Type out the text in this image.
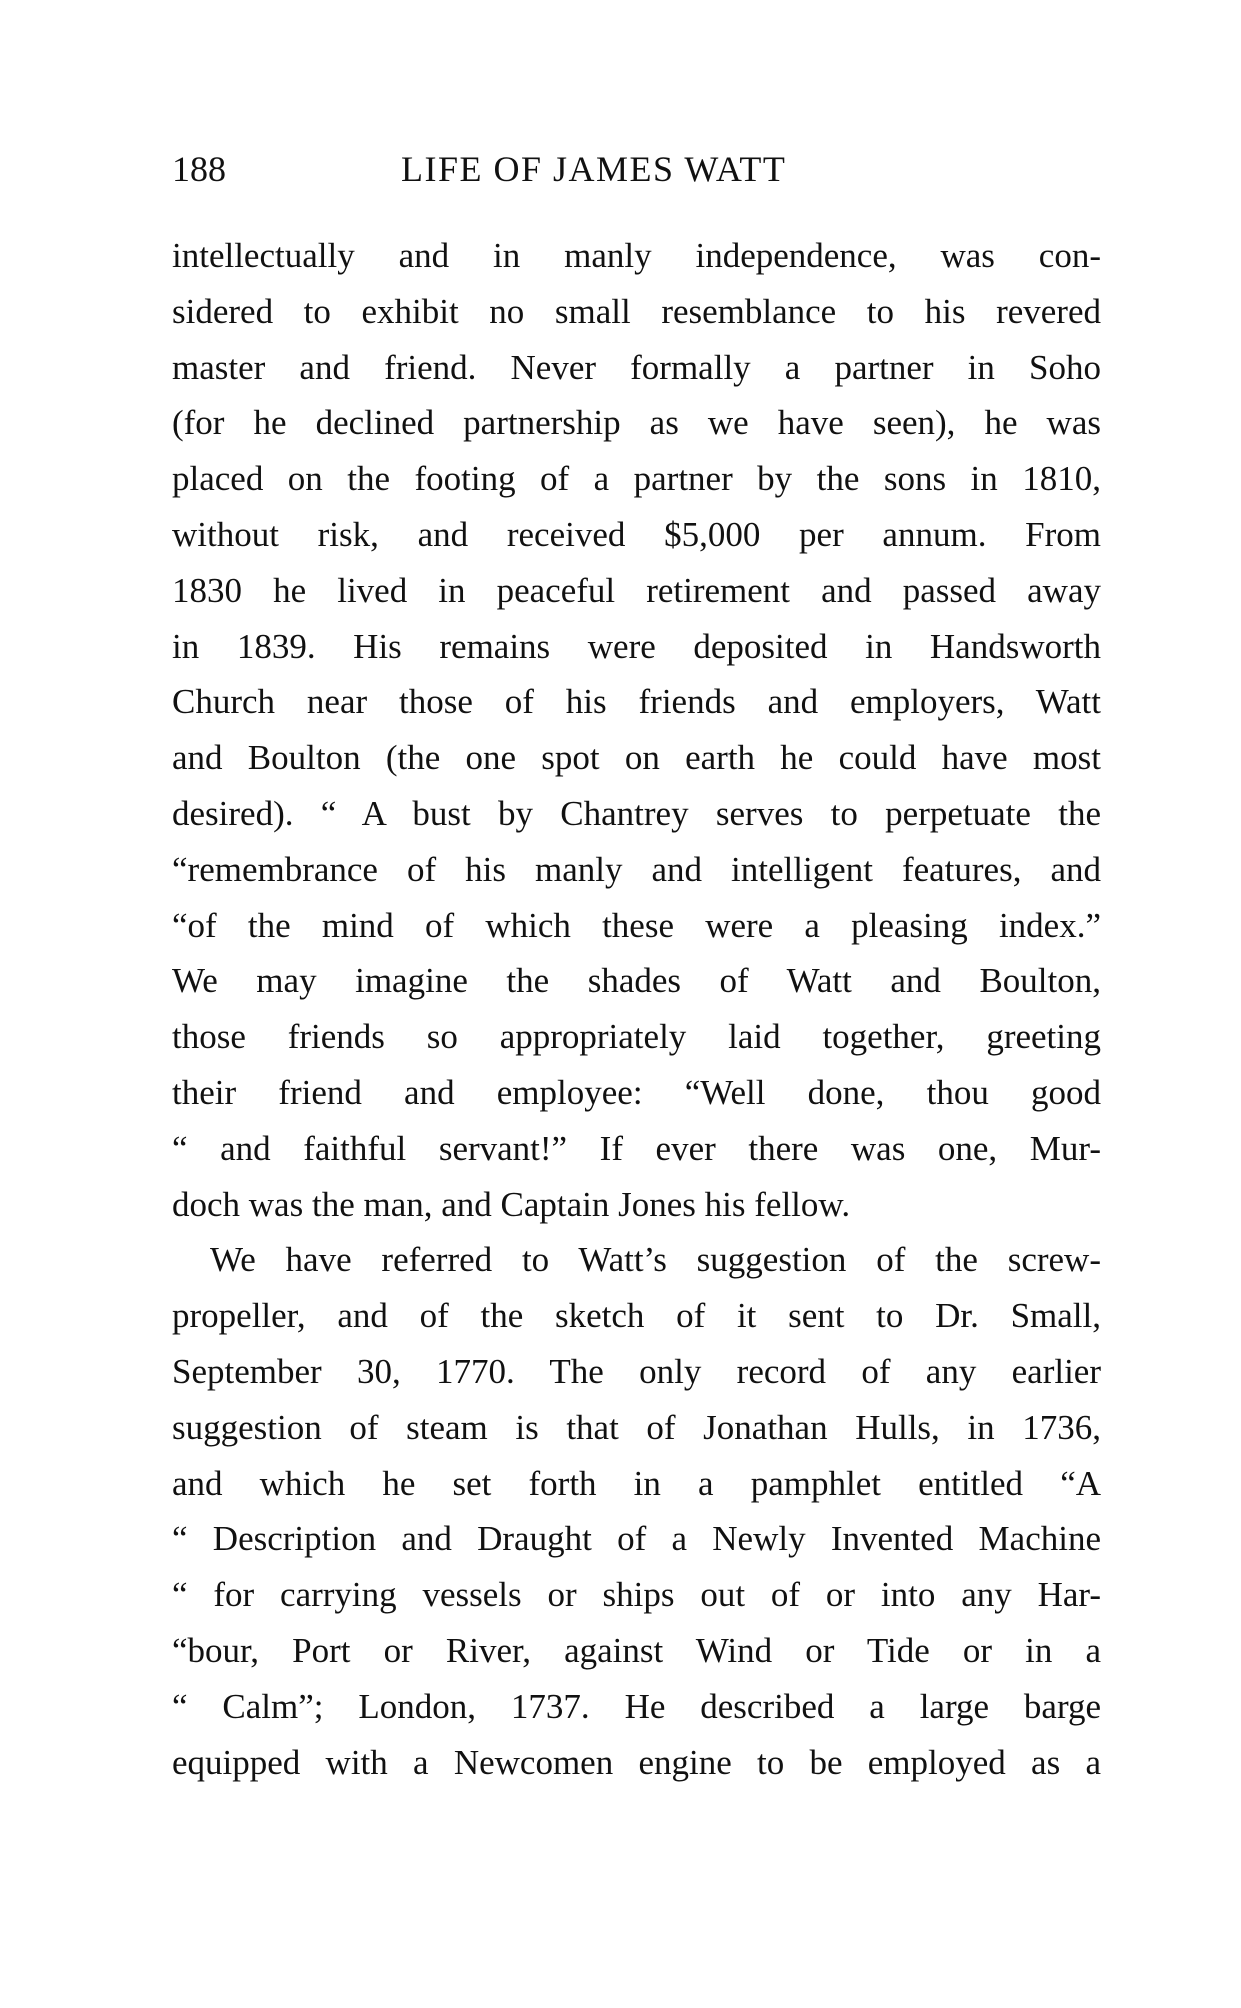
188	LIFE OF JAMES WATT
intellectually and in manly independence, was con-
sidered to exhibit no small resemblance to his revered
master and friend. Never formally a partner in Soho
(for he declined partnership as we have seen), he was
placed on the footing of a partner by the sons in 1810,
without risk, and received $5,000 per annum. From
1830 he lived in peaceful retirement and passed away
in 1839. His remains were deposited in Handsworth
Church near those of his friends and employers, Watt
and Boulton (the one spot on earth he could have most
desired). “ A bust by Chantrey serves to perpetuate the
“remembrance of his manly and intelligent features, and
“of the mind of which these were a pleasing index.”
We may imagine the shades of Watt and Boulton,
those friends so appropriately laid together, greeting
their friend and employee: “Well done, thou good
“ and faithful servant!” If ever there was one, Mur-
doch was the man, and Captain Jones his fellow.
We have referred to Watt’s suggestion of the screw-
propeller, and of the sketch of it sent to Dr. Small,
September 30, 1770. The only record of any earlier
suggestion of steam is that of Jonathan Hulls, in 1736,
and which he set forth in a pamphlet entitled “A
“ Description and Draught of a Newly Invented Machine
“ for carrying vessels or ships out of or into any Har-
“bour, Port or River, against Wind or Tide or in a
“ Calm”; London, 1737. He described a large barge
equipped with a Newcomen engine to be employed as a
